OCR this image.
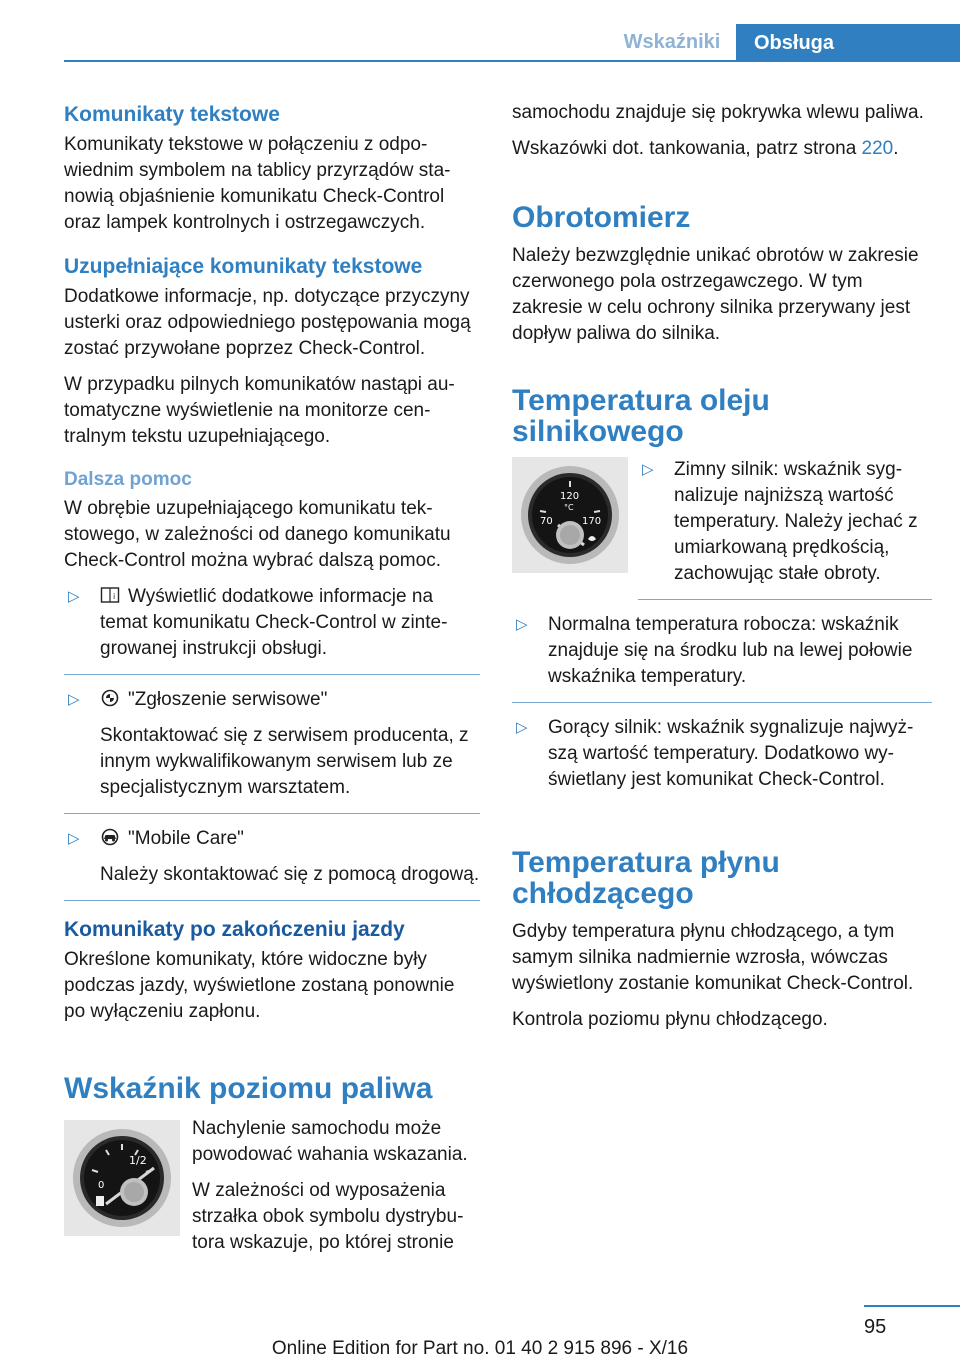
Wskaźniki	Obsługa
Komunikaty tekstowe

Komunikaty tekstowe w połączeniu z odpowiednim symbolem na tablicy przyrządów stanowią objaśnienie komunikatu Check-Control oraz lampek kontrolnych i ostrzegawczych.

Uzupełniające komunikaty tekstowe

Dodatkowe informacje, np. dotyczące przyczyny usterki oraz odpowiedniego postępowania mogą zostać przywołane poprzez Check-Control.

W przypadku pilnych komunikatów nastąpi automatyczne wyświetlenie na monitorze centralnym tekstu uzupełniającego.

Dalsza pomoc

W obrębie uzupełniającego komunikatu tekstowego, w zależności od danego komunikatu Check-Control można wybrać dalszą pomoc.

▷	i Wyświetlić dodatkowe informacje na temat komunikatu Check-Control w zintegrowanej instrukcji obsługi.
▷	"Zgłoszenie serwisowe"
Skontaktować się z serwisem producenta, z innym wykwalifikowanym serwisem lub ze specjalistycznym warsztatem.
▷	"Mobile Care"
Należy skontaktować się z pomocą drogową.
Komunikaty po zakończeniu jazdy

Określone komunikaty, które widoczne były podczas jazdy, wyświetlone zostaną ponownie po wyłączeniu zapłonu.

Wskaźnik poziomu paliwa
1/2
0

Nachylenie samochodu może powodować wahania wskazania.

W zależności od wyposażenia strzałka obok symbolu dystrybutora wskazuje, po której stronie

samochodu znajduje się pokrywka wlewu paliwa.

Wskazówki dot. tankowania, patrz strona 220.

Obrotomierz

Należy bezwzględnie unikać obrotów w zakresie czerwonego pola ostrzegawczego. W tym zakresie w celu ochrony silnika przerywany jest dopływ paliwa do silnika.

Temperatura oleju silnikowego
120
°C
70	170
▷ Zimny silnik: wskaźnik sygnalizuje najniższą wartość temperatury. Należy jechać z umiarkowaną prędkością, zachowując stałe obroty.
▷ Normalna temperatura robocza: wskaźnik znajduje się na środku lub na lewej połowie wskaźnika temperatury.
▷ Gorący silnik: wskaźnik sygnalizuje najwyższą wartość temperatury. Dodatkowo wyświetlany jest komunikat Check-Control.
Temperatura płynu chłodzącego

Gdyby temperatura płynu chłodzącego, a tym samym silnika nadmiernie wzrosła, wówczas wyświetlony zostanie komunikat Check-Control.

Kontrola poziomu płynu chłodzącego.

95
Online Edition for Part no. 01 40 2 915 896 - X/16
